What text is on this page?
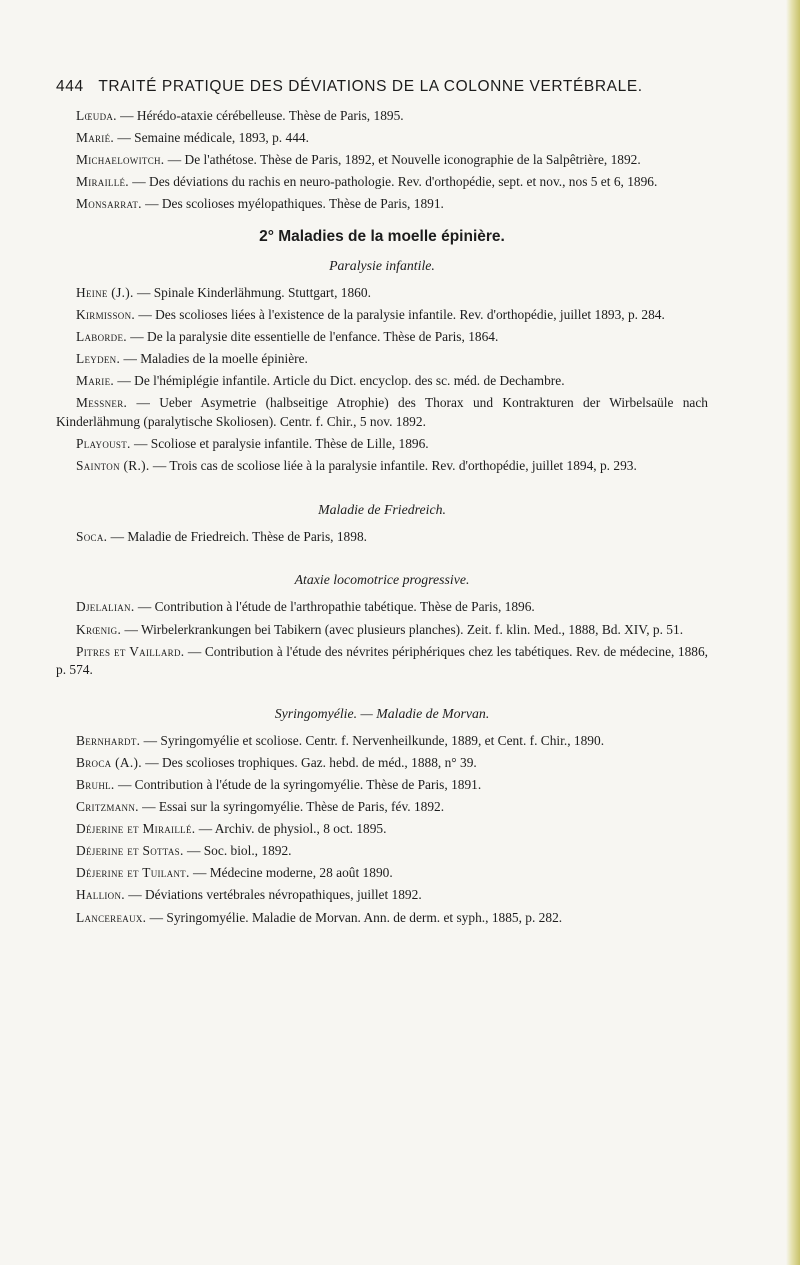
444 TRAITÉ PRATIQUE DES DÉVIATIONS DE LA COLONNE VERTÉBRALE.

Lœuda. — Hérédo-ataxie cérébelleuse. Thèse de Paris, 1895.

Marié. — Semaine médicale, 1893, p. 444.

Michaelowitch. — De l'athétose. Thèse de Paris, 1892, et Nouvelle iconographie de la Salpêtrière, 1892.

Miraillé. — Des déviations du rachis en neuro-pathologie. Rev. d'orthopédie, sept. et nov., nos 5 et 6, 1896.

Monsarrat. — Des scolioses myélopathiques. Thèse de Paris, 1891.

2° Maladies de la moelle épinière.
Paralysie infantile.

Heine (J.). — Spinale Kinderlähmung. Stuttgart, 1860.

Kirmisson. — Des scolioses liées à l'existence de la paralysie infantile. Rev. d'orthopédie, juillet 1893, p. 284.

Laborde. — De la paralysie dite essentielle de l'enfance. Thèse de Paris, 1864.

Leyden. — Maladies de la moelle épinière.

Marie. — De l'hémiplégie infantile. Article du Dict. encyclop. des sc. méd. de Dechambre.

Messner. — Ueber Asymetrie (halbseitige Atrophie) des Thorax und Kontrakturen der Wirbelsaüle nach Kinderlähmung (paralytische Skoliosen). Centr. f. Chir., 5 nov. 1892.

Playoust. — Scoliose et paralysie infantile. Thèse de Lille, 1896.

Sainton (R.). — Trois cas de scoliose liée à la paralysie infantile. Rev. d'orthopédie, juillet 1894, p. 293.

Maladie de Friedreich.

Soca. — Maladie de Friedreich. Thèse de Paris, 1898.

Ataxie locomotrice progressive.

Djelalian. — Contribution à l'étude de l'arthropathie tabétique. Thèse de Paris, 1896.

Krœnig. — Wirbelerkrankungen bei Tabikern (avec plusieurs planches). Zeit. f. klin. Med., 1888, Bd. XIV, p. 51.

Pitres et Vaillard. — Contribution à l'étude des névrites périphériques chez les tabétiques. Rev. de médecine, 1886, p. 574.

Syringomyélie. — Maladie de Morvan.

Bernhardt. — Syringomyélie et scoliose. Centr. f. Nervenheilkunde, 1889, et Cent. f. Chir., 1890.

Broca (A.). — Des scolioses trophiques. Gaz. hebd. de méd., 1888, n° 39.

Bruhl. — Contribution à l'étude de la syringomyélie. Thèse de Paris, 1891.

Critzmann. — Essai sur la syringomyélie. Thèse de Paris, fév. 1892.

Déjerine et Miraillé. — Archiv. de physiol., 8 oct. 1895.

Déjerine et Sottas. — Soc. biol., 1892.

Déjerine et Tuilant. — Médecine moderne, 28 août 1890.

Hallion. — Déviations vertébrales névropathiques, juillet 1892.

Lancereaux. — Syringomyélie. Maladie de Morvan. Ann. de derm. et syph., 1885, p. 282.
